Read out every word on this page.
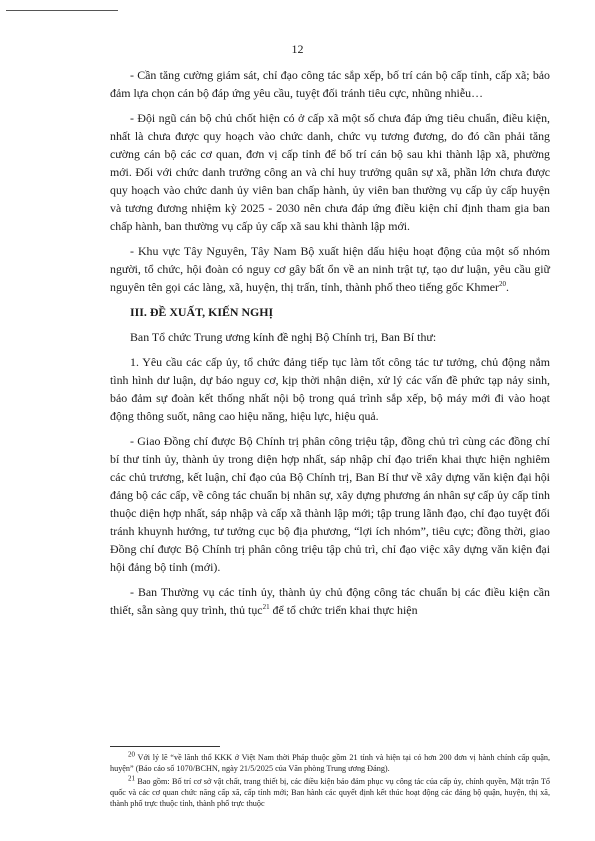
12

- Cần tăng cường giám sát, chỉ đạo công tác sắp xếp, bố trí cán bộ cấp tỉnh, cấp xã; bảo đảm lựa chọn cán bộ đáp ứng yêu cầu, tuyệt đối tránh tiêu cực, nhũng nhiễu…

- Đội ngũ cán bộ chủ chốt hiện có ở cấp xã một số chưa đáp ứng tiêu chuẩn, điều kiện, nhất là chưa được quy hoạch vào chức danh, chức vụ tương đương, do đó cần phải tăng cường cán bộ các cơ quan, đơn vị cấp tỉnh để bố trí cán bộ sau khi thành lập xã, phường mới. Đối với chức danh trưởng công an và chỉ huy trưởng quân sự xã, phần lớn chưa được quy hoạch vào chức danh ủy viên ban chấp hành, ủy viên ban thường vụ cấp ủy cấp huyện và tương đương nhiệm kỳ 2025 - 2030 nên chưa đáp ứng điều kiện chỉ định tham gia ban chấp hành, ban thường vụ cấp ủy cấp xã sau khi thành lập mới.

- Khu vực Tây Nguyên, Tây Nam Bộ xuất hiện dấu hiệu hoạt động của một số nhóm người, tổ chức, hội đoàn có nguy cơ gây bất ổn về an ninh trật tự, tạo dư luận, yêu cầu giữ nguyên tên gọi các làng, xã, huyện, thị trấn, tỉnh, thành phố theo tiếng gốc Khmer$^{20}$.

III. ĐỀ XUẤT, KIẾN NGHỊ

Ban Tổ chức Trung ương kính đề nghị Bộ Chính trị, Ban Bí thư:

1. Yêu cầu các cấp ủy, tổ chức đảng tiếp tục làm tốt công tác tư tưởng, chủ động nắm tình hình dư luận, dự báo nguy cơ, kịp thời nhận diện, xử lý các vấn đề phức tạp nảy sinh, bảo đảm sự đoàn kết thống nhất nội bộ trong quá trình sắp xếp, bộ máy mới đi vào hoạt động thông suốt, nâng cao hiệu năng, hiệu lực, hiệu quả.

- Giao Đồng chí được Bộ Chính trị phân công triệu tập, đồng chủ trì cùng các đồng chí bí thư tỉnh ủy, thành ủy trong diện hợp nhất, sáp nhập chỉ đạo triển khai thực hiện nghiêm các chủ trương, kết luận, chỉ đạo của Bộ Chính trị, Ban Bí thư về xây dựng văn kiện đại hội đảng bộ các cấp, về công tác chuẩn bị nhân sự, xây dựng phương án nhân sự cấp ủy cấp tỉnh thuộc diện hợp nhất, sáp nhập và cấp xã thành lập mới; tập trung lãnh đạo, chỉ đạo tuyệt đối tránh khuynh hướng, tư tưởng cục bộ địa phương, “lợi ích nhóm”, tiêu cực; đồng thời, giao Đồng chí được Bộ Chính trị phân công triệu tập chủ trì, chỉ đạo việc xây dựng văn kiện đại hội đảng bộ tỉnh (mới).

- Ban Thường vụ các tỉnh ủy, thành ủy chủ động công tác chuẩn bị các điều kiện cần thiết, sẵn sàng quy trình, thủ tục$^{21}$ để tổ chức triển khai thực hiện

$^{20}$ Với lý lẽ “về lãnh thổ KKK ở Việt Nam thời Pháp thuộc gồm 21 tỉnh và hiện tại có hơn 200 đơn vị hành chính cấp quận, huyện” (Báo cáo số 1070/BCHN, ngày 21/5/2025 của Văn phòng Trung ương Đảng).

$^{21}$ Bao gồm: Bố trí cơ sở vật chất, trang thiết bị, các điều kiện bảo đảm phục vụ công tác của cấp ủy, chính quyền, Mặt trận Tổ quốc và các cơ quan chức năng cấp xã, cấp tỉnh mới; Ban hành các quyết định kết thúc hoạt động các đảng bộ quận, huyện, thị xã, thành phố trực thuộc tỉnh, thành phố trực thuộc
